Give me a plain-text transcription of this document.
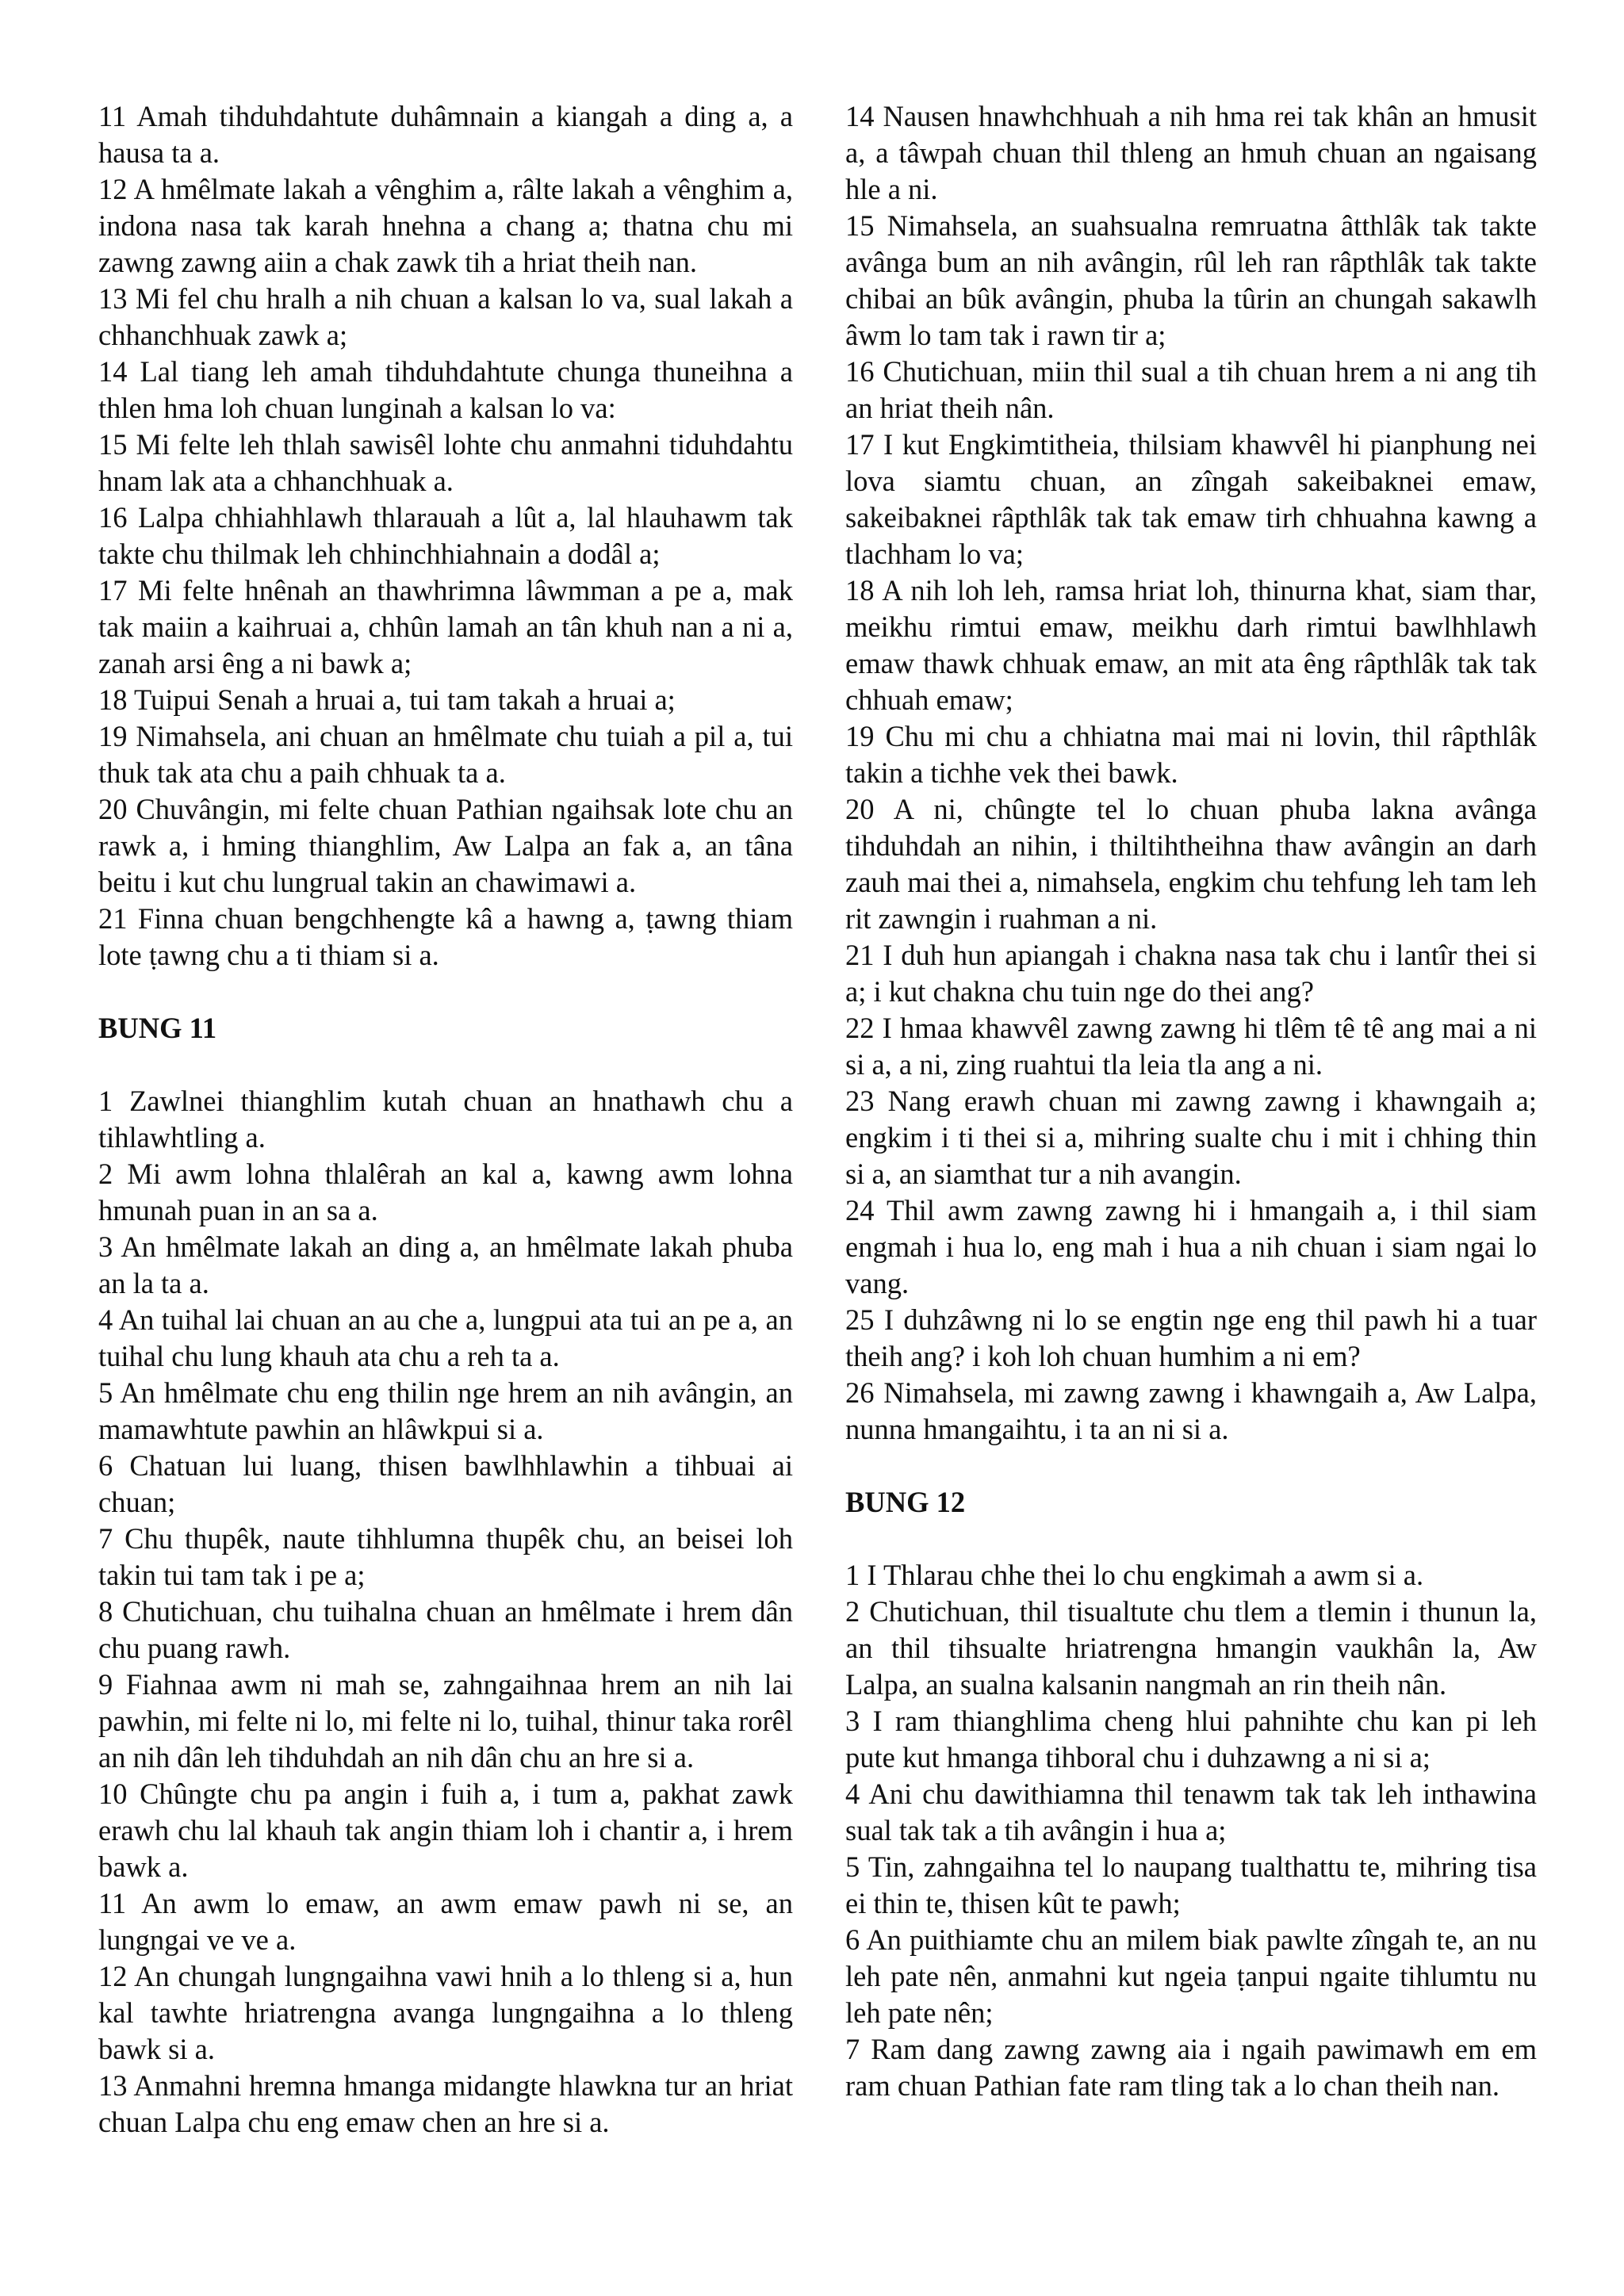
11 Amah tihduhdahtute duhâmnain a kiangah a ding a, a hausa ta a.

12 A hmêlmate lakah a vênghim a, râlte lakah a vênghim a, indona nasa tak karah hnehna a chang a; thatna chu mi zawng zawng aiin a chak zawk tih a hriat theih nan.

13 Mi fel chu hralh a nih chuan a kalsan lo va, sual lakah a chhanchhuak zawk a;

14 Lal tiang leh amah tihduhdahtute chunga thuneihna a thlen hma loh chuan lunginah a kalsan lo va:

15 Mi felte leh thlah sawisêl lohte chu anmahni tiduhdahtu hnam lak ata a chhanchhuak a.

16 Lalpa chhiahhlawh thlarauah a lût a, lal hlauhawm tak takte chu thilmak leh chhinchhiahnain a dodâl a;

17 Mi felte hnênah an thawhrimna lâwmman a pe a, mak tak maiin a kaihruai a, chhûn lamah an tân khuh nan a ni a, zanah arsi êng a ni bawk a;

18 Tuipui Senah a hruai a, tui tam takah a hruai a;

19 Nimahsela, ani chuan an hmêlmate chu tuiah a pil a, tui thuk tak ata chu a paih chhuak ta a.

20 Chuvângin, mi felte chuan Pathian ngaihsak lote chu an rawk a, i hming thianghlim, Aw Lalpa an fak a, an tâna beitu i kut chu lungrual takin an chawimawi a.

21 Finna chuan bengchhengte kâ a hawng a, ṭawng thiam lote ṭawng chu a ti thiam si a.

BUNG 11

1 Zawlnei thianghlim kutah chuan an hnathawh chu a tihlawhtling a.

2 Mi awm lohna thlalêrah an kal a, kawng awm lohna hmunah puan in an sa a.

3 An hmêlmate lakah an ding a, an hmêlmate lakah phuba an la ta a.

4 An tuihal lai chuan an au che a, lungpui ata tui an pe a, an tuihal chu lung khauh ata chu a reh ta a.

5 An hmêlmate chu eng thilin nge hrem an nih avângin, an mamawhtute pawhin an hlâwkpui si a.

6 Chatuan lui luang, thisen bawlhhlawhin a tihbuai ai chuan;

7 Chu thupêk, naute tihhlumna thupêk chu, an beisei loh takin tui tam tak i pe a;

8 Chutichuan, chu tuihalna chuan an hmêlmate i hrem dân chu puang rawh.

9 Fiahnaa awm ni mah se, zahngaihnaa hrem an nih lai pawhin, mi felte ni lo, mi felte ni lo, tuihal, thinur taka rorêl an nih dân leh tihduhdah an nih dân chu an hre si a.

10 Chûngte chu pa angin i fuih a, i tum a, pakhat zawk erawh chu lal khauh tak angin thiam loh i chantir a, i hrem bawk a.

11 An awm lo emaw, an awm emaw pawh ni se, an lungngai ve ve a.

12 An chungah lungngaihna vawi hnih a lo thleng si a, hun kal tawhte hriatrengna avanga lungngaihna a lo thleng bawk si a.

13 Anmahni hremna hmanga midangte hlawkna tur an hriat chuan Lalpa chu eng emaw chen an hre si a.

14 Nausen hnawhchhuah a nih hma rei tak khân an hmusit a, a tâwpah chuan thil thleng an hmuh chuan an ngaisang hle a ni.

15 Nimahsela, an suahsualna remruatna âtthlâk tak takte avânga bum an nih avângin, rûl leh ran râpthlâk tak takte chibai an bûk avângin, phuba la tûrin an chungah sakawlh âwm lo tam tak i rawn tir a;

16 Chutichuan, miin thil sual a tih chuan hrem a ni ang tih an hriat theih nân.

17 I kut Engkimtitheia, thilsiam khawvêl hi pianphung nei lova siamtu chuan, an zîngah sakeibaknei emaw, sakeibaknei râpthlâk tak tak emaw tirh chhuahna kawng a tlachham lo va;

18 A nih loh leh, ramsa hriat loh, thinurna khat, siam thar, meikhu rimtui emaw, meikhu darh rimtui bawlhhlawh emaw thawk chhuak emaw, an mit ata êng râpthlâk tak tak chhuah emaw;

19 Chu mi chu a chhiatna mai mai ni lovin, thil râpthlâk takin a tichhe vek thei bawk.

20 A ni, chûngte tel lo chuan phuba lakna avânga tihduhdah an nihin, i thiltihtheihna thaw avângin an darh zauh mai thei a, nimahsela, engkim chu tehfung leh tam leh rit zawngin i ruahman a ni.

21 I duh hun apiangah i chakna nasa tak chu i lantîr thei si a; i kut chakna chu tuin nge do thei ang?

22 I hmaa khawvêl zawng zawng hi tlêm tê tê ang mai a ni si a, a ni, zing ruahtui tla leia tla ang a ni.

23 Nang erawh chuan mi zawng zawng i khawngaih a; engkim i ti thei si a, mihring sualte chu i mit i chhing thin si a, an siamthat tur a nih avangin.

24 Thil awm zawng zawng hi i hmangaih a, i thil siam engmah i hua lo, eng mah i hua a nih chuan i siam ngai lo vang.

25 I duhzâwng ni lo se engtin nge eng thil pawh hi a tuar theih ang? i koh loh chuan humhim a ni em?

26 Nimahsela, mi zawng zawng i khawngaih a, Aw Lalpa, nunna hmangaihtu, i ta an ni si a.

BUNG 12

1 I Thlarau chhe thei lo chu engkimah a awm si a.

2 Chutichuan, thil tisualtute chu tlem a tlemin i thunun la, an thil tihsualte hriatrengna hmangin vaukhân la, Aw Lalpa, an sualna kalsanin nangmah an rin theih nân.

3 I ram thianghlima cheng hlui pahnihte chu kan pi leh pute kut hmanga tihboral chu i duhzawng a ni si a;

4 Ani chu dawithiamna thil tenawm tak tak leh inthawina sual tak tak a tih avângin i hua a;

5 Tin, zahngaihna tel lo naupang tualthattu te, mihring tisa ei thin te, thisen kût te pawh;

6 An puithiamte chu an milem biak pawlte zîngah te, an nu leh pate nên, anmahni kut ngeia ṭanpui ngaite tihlumtu nu leh pate nên;

7 Ram dang zawng zawng aia i ngaih pawimawh em em ram chuan Pathian fate ram tling tak a lo chan theih nan.
